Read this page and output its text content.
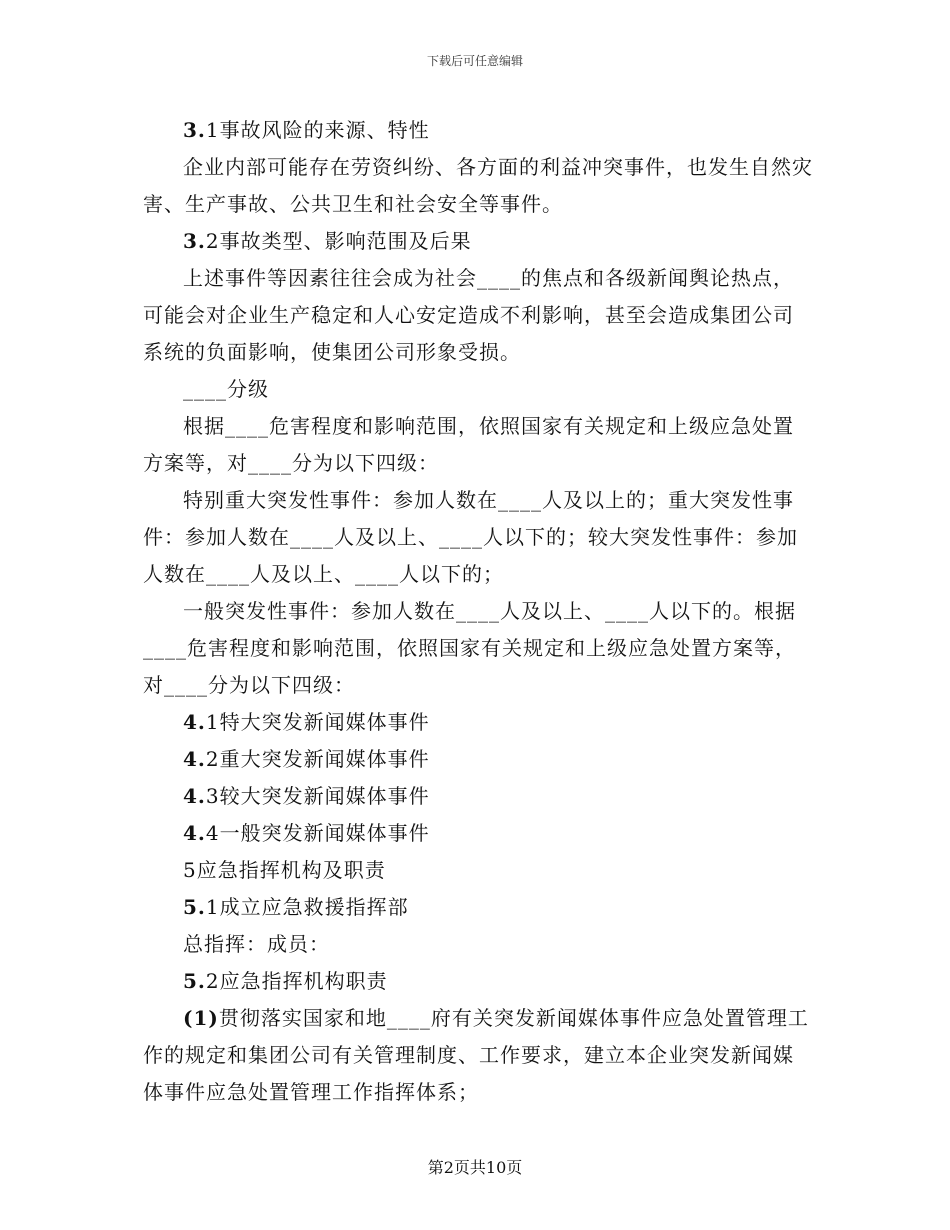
下载后可任意编辑

3.1事故风险的来源、特性

企业内部可能存在劳资纠纷、各方面的利益冲突事件，也发生自然灾害、生产事故、公共卫生和社会安全等事件。

3.2事故类型、影响范围及后果

上述事件等因素往往会成为社会____的焦点和各级新闻舆论热点，可能会对企业生产稳定和人心安定造成不利影响，甚至会造成集团公司系统的负面影响，使集团公司形象受损。

____分级

根据____危害程度和影响范围，依照国家有关规定和上级应急处置方案等，对____分为以下四级：

特别重大突发性事件：参加人数在____人及以上的；重大突发性事件：参加人数在____人及以上、____人以下的；较大突发性事件：参加人数在____人及以上、____人以下的；

一般突发性事件：参加人数在____人及以上、____人以下的。根据____危害程度和影响范围，依照国家有关规定和上级应急处置方案等，对____分为以下四级：

4.1特大突发新闻媒体事件

4.2重大突发新闻媒体事件

4.3较大突发新闻媒体事件

4.4一般突发新闻媒体事件

5应急指挥机构及职责

5.1成立应急救援指挥部

总指挥：成员：

5.2应急指挥机构职责

(1)贯彻落实国家和地____府有关突发新闻媒体事件应急处置管理工作的规定和集团公司有关管理制度、工作要求，建立本企业突发新闻媒体事件应急处置管理工作指挥体系；

第2页共10页
